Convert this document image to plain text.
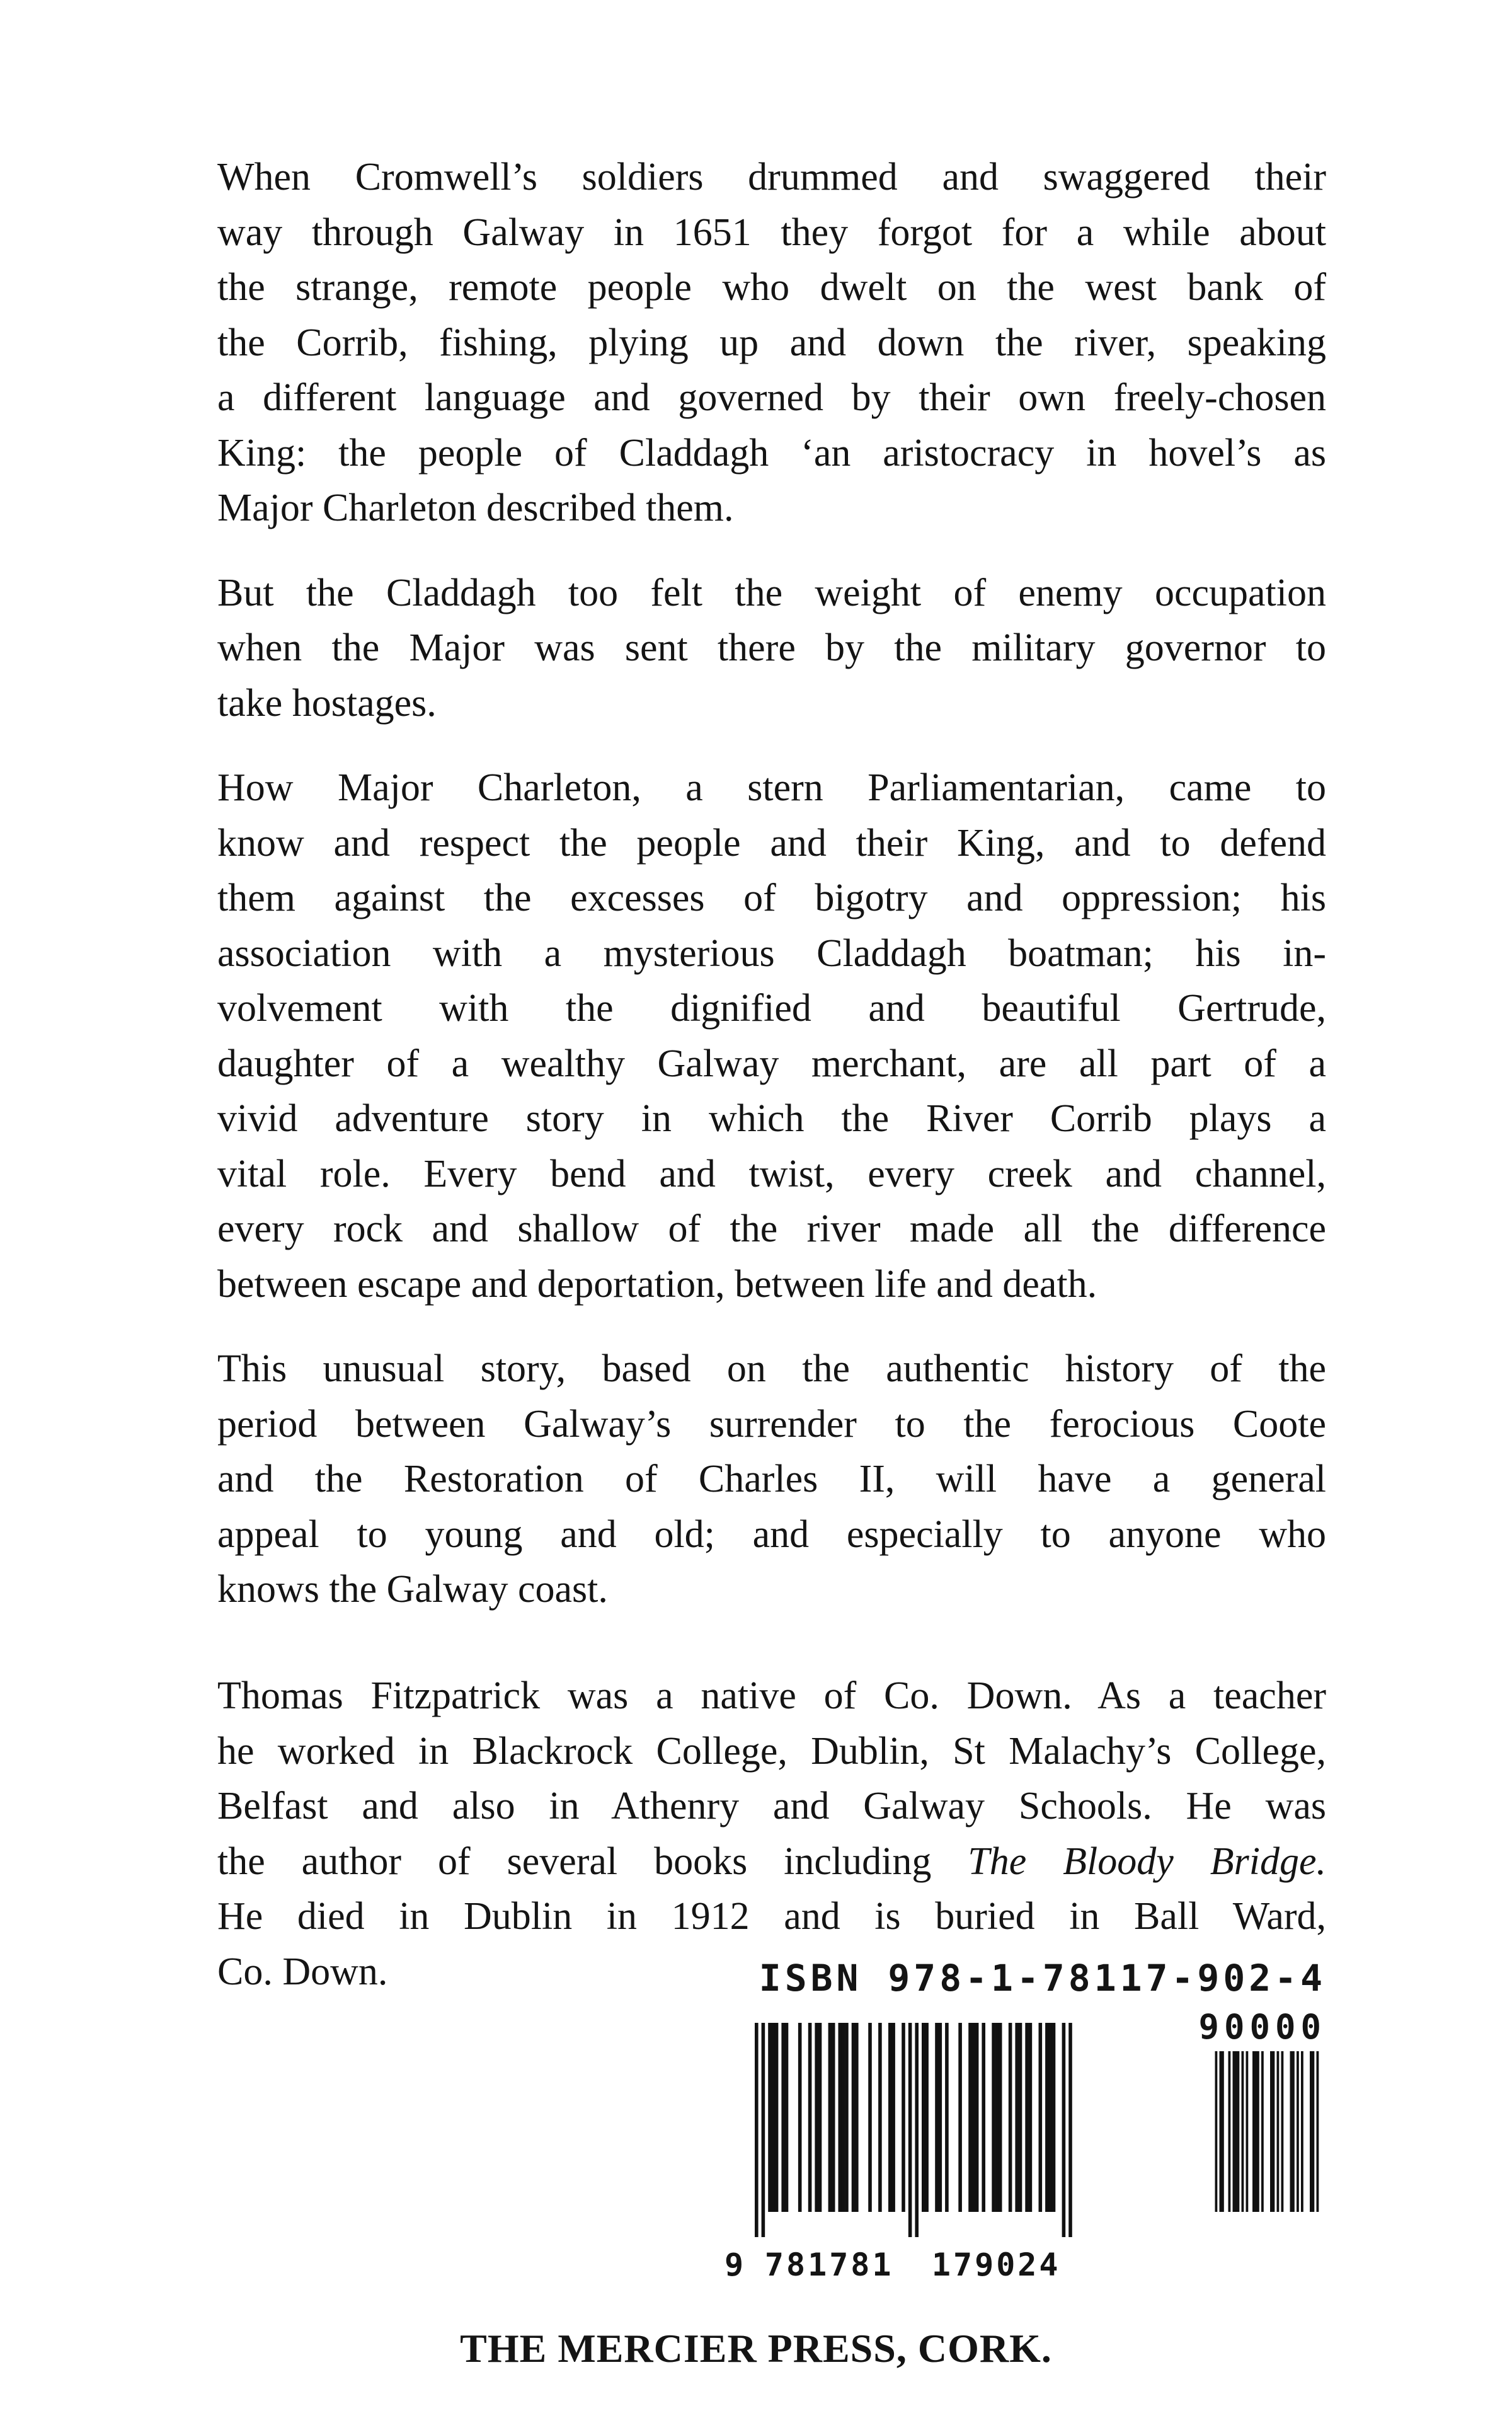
When Cromwell’s soldiers drummed and swaggered their
way through Galway in 1651 they forgot for a while about
the strange, remote people who dwelt on the west bank of
the Corrib, fishing, plying up and down the river, speaking
a different language and governed by their own freely-chosen
King: the people of Claddagh ‘an aristocracy in hovel’s as
Major Charleton described them.
But the Claddagh too felt the weight of enemy occupation
when the Major was sent there by the military governor to
take hostages.
How Major Charleton, a stern Parliamentarian, came to
know and respect the people and their King, and to defend
them against the excesses of bigotry and oppression; his
association with a mysterious Claddagh boatman; his in-
volvement with the dignified and beautiful Gertrude,
daughter of a wealthy Galway merchant, are all part of a
vivid adventure story in which the River Corrib plays a
vital role. Every bend and twist, every creek and channel,
every rock and shallow of the river made all the difference
between escape and deportation, between life and death.
This unusual story, based on the authentic history of the
period between Galway’s surrender to the ferocious Coote
and the Restoration of Charles II, will have a general
appeal to young and old; and especially to anyone who
knows the Galway coast.
Thomas Fitzpatrick was a native of Co. Down. As a teacher
he worked in Blackrock College, Dublin, St Malachy’s College,
Belfast and also in Athenry and Galway Schools. He was
the author of several books including The Bloody Bridge.
He died in Dublin in 1912 and is buried in Ball Ward,
Co. Down.	ISBN 978-1-78117-902-4
90000
9 781781 179024
THE MERCIER PRESS, CORK.
